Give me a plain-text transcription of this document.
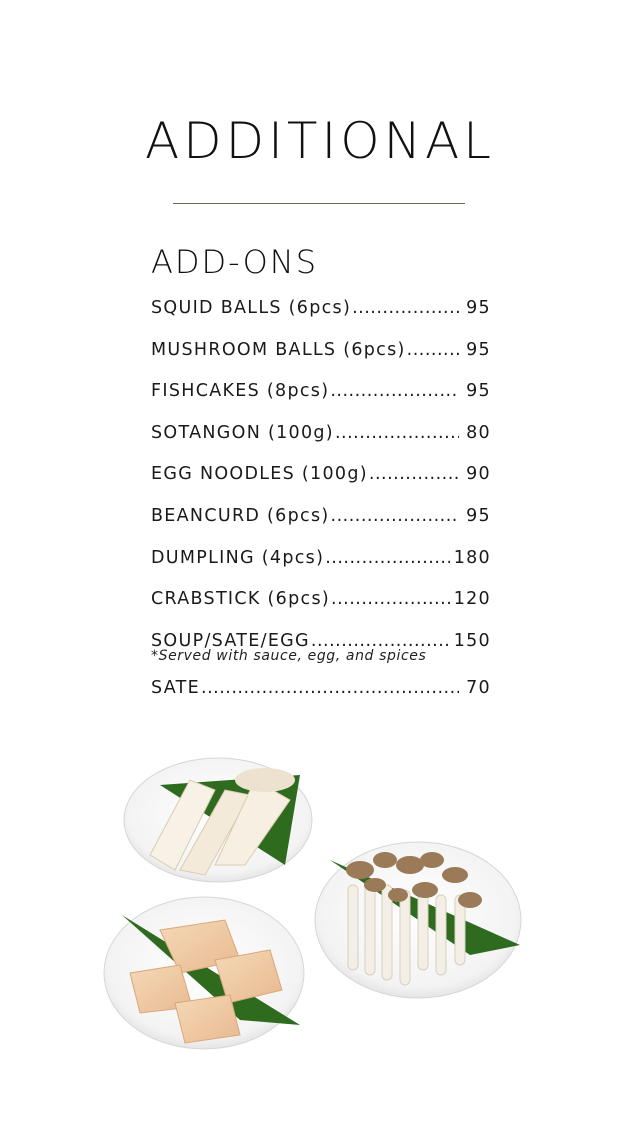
ADDITIONAL
ADD-ONS
SQUID BALLS (6pcs) .....	95
MUSHROOM BALLS (6pcs) .....	95
FISHCAKES (8pcs) .....	95
SOTANGON (100g) .....	80
EGG NOODLES (100g) .....	90
BEANCURD (6pcs) .....	95
DUMPLING (4pcs) .....	180
CRABSTICK (6pcs) .....	120
SOUP/SATE/EGG .....	150
*Served with sauce, egg, and spices
SATE .....	70
